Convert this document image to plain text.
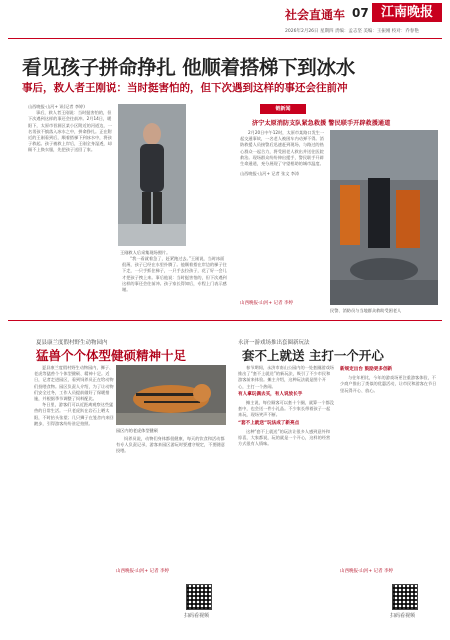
社会直通车 07 江南晚报
2026年2月26日 星期四 责编：孟志坚 美编：王振刚 校对：乔春艳
看见孩子拼命挣扎 他顺着搭梯下到冰水
事后，救人者王刚说：当时挺害怕的，但下次遇到这样的事还会往前冲

山西晚报·山河+ 讯(记者 李婷)

事后，救人者王刚说：当时挺害怕的，但下次遇到这样的事还会往前冲。2月14日，暖阳下，太原市晋源区某小区附近的河道边，一名男孩不慎落入冰水之中，拼命挣扎。正在附近的王刚看到后，顺着搭梯下到冰水中，将孩子救起。孩子被救上岸后，王刚全身湿透，却顾不上换衣服，先把孩子送回了家。

王刚救人后采集现场照片。

“我一看就着急了，赶紧跑过去。”王刚说，当时冰面很薄，孩子已经在水里扑腾了。他顺着搭在岸边的梯子往下走，一只手抓住梯子，一只手去拉孩子，花了好一会儿才把孩子拽上来。事后他说：当时挺害怕的，但下次遇到这样的事还会往前冲。孩子家长得知后，专程上门表示感谢。

链新闻
济宁太原消防支队紧急救援 警民联手开辟救援通道

2月20日中午12时，太原市某路口发生一起交通事故，一名老人被困车内动弹不得。消防救援人员接警后迅速赶到现场，与路过的热心群众一起合力，将受困老人救出并送往医院救治。现场群众纷纷伸出援手，警民联手开辟生命通道，充分展现了守望相助的城市温度。

山西晚报·山河+ 记者 张文 李涛

民警、消防员与当地群众救助受困老人
山西晚报·山河+ 记者 李婷
夏县康兰度假村野生动物园内
猛兽个个体型健硕精神十足

夏县康兰度假村野生动物园内，狮子、老虎等猛兽个个体型健硕、精神十足。近日，记者走进园区，看到饲养员正在给动物们投喂食物。园区负责人介绍，为了让动物们安全过冬，工作人员提前做好了保暖措施，并根据季节调整了饲料配比。

冬日里，游客们可以近距离观察这些猛兽的日常生活。一只老虎趴在岩石上晒太阳，不时抬头张望；几只狮子在笼舍内来回踱步，引得游客纷纷驻足拍照。

园区内的老虎体型健硕

饲养员说，动物们身体都很健康，每天的饮食和活动都有专人负责记录，游客来园区游玩时要遵守规定，不要随意投喂。

山西晚报·山河+ 记者 李婷
扫码看视频
永济一游戏场推出套圈新玩法
套不上就送 主打一个开心

春节期间，永济市南山公园内的一处套圈游戏场推出了“套不上就送”的新玩法，吸引了不少市民和游客前来体验。摊主介绍，这种玩法就是图个开心，主打一个热闹。

有人拿玩偶去买，有人说放长手

摊主说，每位顾客可以套十个圈，就算一个都没套中，也会送一件小礼品。不少家长带着孩子一起来玩，现场笑声不断。

“套不上就送”玩法成了新亮点

这种“套不上就送”的玩法让很多人感到意外和惊喜，大家都说，玩的就是一个开心，这样的经营方式很有人情味。

新规定出台 鼓励更多创新

与往年相比，今年的游戏场更注重游客体验，不少商户推出了类似的优惠活动，让市民和游客在节日里玩得开心、放心。

山西晚报·山河+ 记者 李婷
扫码看视频
